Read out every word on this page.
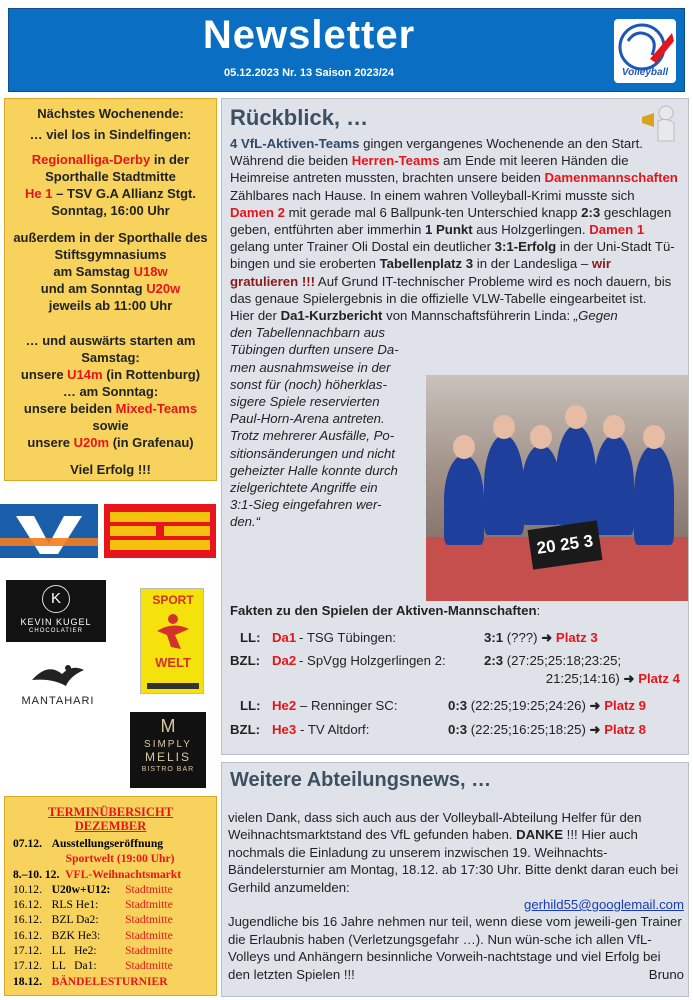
Newsletter
05.12.2023 Nr. 13 Saison 2023/24	Volleyball

Nächstes Wochenende:

… viel los in Sindelfingen:

Regionalliga-Derby in der Sporthalle Stadtmitte
He 1 – TSV G.A Allianz Stgt.
Sonntag, 16:00 Uhr
außerdem in der Sporthalle des Stiftsgymnasiums
am Samstag U18w
und am Sonntag U20w
jeweils ab 11:00 Uhr
… und auswärts starten am Samstag:
unsere U14m (in Rottenburg)
… am Sonntag:
unsere beiden Mixed-Teams
sowie
unsere U20m (in Grafenau)
Viel Erfolg !!!
K
KEVIN KUGEL
CHOCOLATIER
SPORT
WELT
MANTAHARI
M
SIMPLY
MELIS
BISTRO BAR
Rückblick, …
4 VfL-Aktiven-Teams gingen vergangenes Wochenende an den Start. Während die beiden Herren-Teams am Ende mit leeren Händen die Heimreise antreten mussten, brachten unsere beiden Damenmannschaften Zählbares nach Hause. In einem wahren Volleyball-Krimi musste sich Damen 2 mit gerade mal 6 Ballpunk-ten Unterschied knapp 2:3 geschlagen geben, entführten aber immerhin 1 Punkt aus Holzgerlingen. Damen 1 gelang unter Trainer Oli Dostal ein deutlicher 3:1-Erfolg in der Uni-Stadt Tü-bingen und sie eroberten Tabellenplatz 3 in der Landesliga – wir gratulieren !!! Auf Grund IT-technischer Probleme wird es noch dauern, bis das genaue Spielergebnis in die offizielle VLW-Tabelle eingearbeitet ist.
Hier der Da1-Kurzbericht von Mannschaftsführerin Linda: „Gegen
den Tabellennachbarn aus
Tübingen durften unsere Da-
men ausnahmsweise in der
sonst für (noch) höherklas-
sigere Spiele reservierten
Paul-Horn-Arena antreten.
Trotz mehrerer Ausfälle, Po-
sitionsänderungen und nicht
geheizter Halle konnte durch
zielgerichtete Angriffe ein
3:1-Sieg eingefahren wer-
den.“
20 25 3
Fakten zu den Spielen der Aktiven-Mannschaften:
LL: Da1 - TSG Tübingen:	3:1 (???) ➜ Platz 3
BZL: Da2 - SpVgg Holzgerlingen 2:	2:3 (27:25;25:18;23:25;
21:25;14:16) ➜ Platz 4
LL: He2 – Renninger SC:	0:3 (22:25;19:25;24:26) ➜ Platz 9
BZL: He3 - TV Altdorf:	0:3 (22:25;16:25;18:25) ➜ Platz 8
Weitere Abteilungsnews, …
vielen Dank, dass sich auch aus der Volleyball-Abteilung Helfer für den Weihnachtsmarktstand des VfL gefunden haben. DANKE !!! Hier auch nochmals die Einladung zu unserem inzwischen 19. Weihnachts-Bändelersturnier am Montag, 18.12. ab 17:30 Uhr. Bitte denkt daran euch bei Gerhild anzumelden:
gerhild55@googlemail.com
Jugendliche bis 16 Jahre nehmen nur teil, wenn diese vom jeweili-gen Trainer die Erlaubnis haben (Verletzungsgefahr …). Nun wün-sche ich allen VfL-Volleys und Anhängern besinnliche Vorweih-nachtstage und viel Erfolg bei den letzten Spielen !!!	Bruno
TERMINÜBERSICHT
DEZEMBER
07.12.	Ausstellungseröffnung	
	Sportwelt (19:00 Uhr)	
8.–10. 12. VFL-Weihnachtsmarkt		
10.12.	U20w+U12:	Stadtmitte
16.12.	RLS He1:	Stadtmitte
16.12.	BZL Da2:	Stadtmitte
16.12.	BZK He3:	Stadtmitte
17.12.	LL   He2:	Stadtmitte
17.12.	LL   Da1:	Stadtmitte
18.12.	BÄNDELESTURNIER	
